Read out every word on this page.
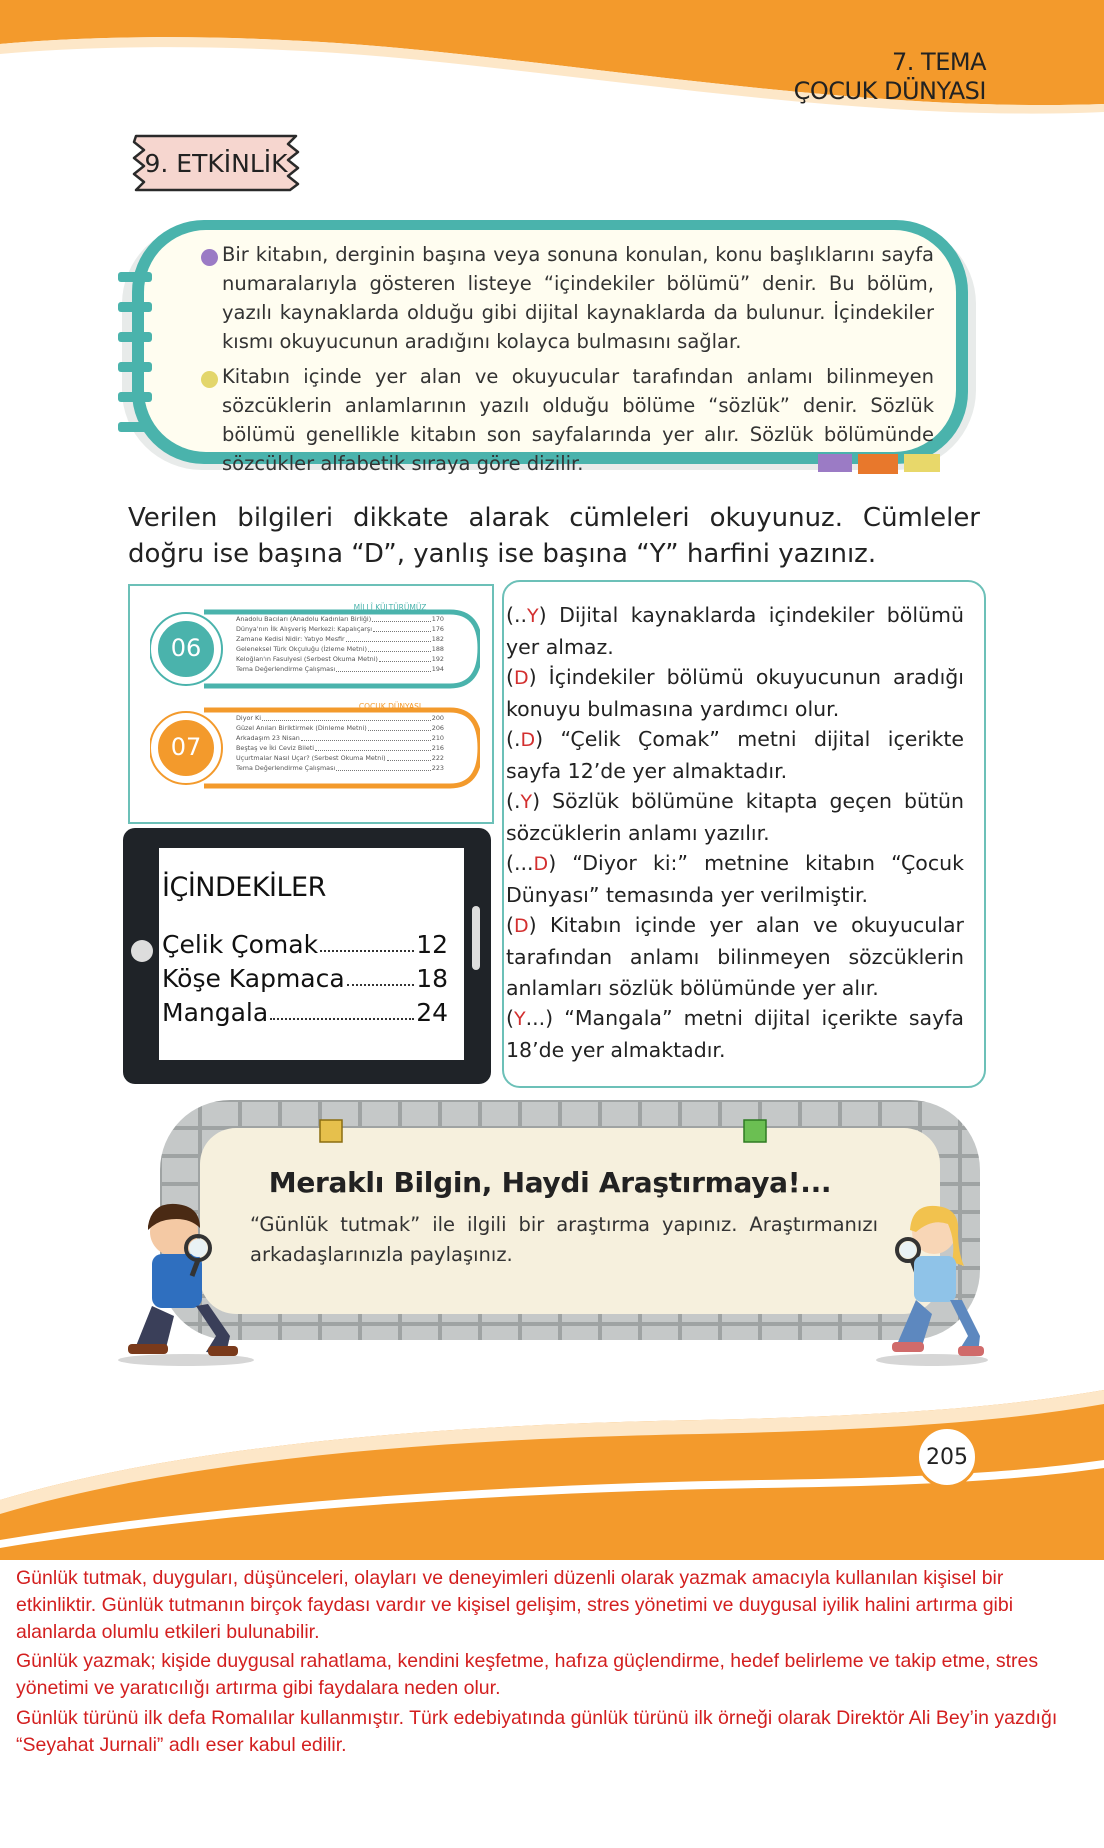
7. TEMA
ÇOCUK DÜNYASI
9. ETKİNLİK
Bir kitabın, derginin başına veya sonuna konulan, konu başlıklarını sayfa numaralarıyla gösteren listeye “içindekiler bölümü” denir. Bu bölüm, yazılı kaynaklarda olduğu gibi dijital kaynaklarda da bulunur. İçindekiler kısmı okuyucunun aradığını kolayca bulmasını sağlar.
Kitabın içinde yer alan ve okuyucular tarafından anlamı bilinmeyen sözcüklerin anlamlarının yazılı olduğu bölüme “sözlük” denir. Sözlük bölümü genellikle kitabın son sayfalarında yer alır. Sözlük bölümünde sözcükler alfabetik sıraya göre dizilir.
Verilen bilgileri dikkate alarak cümleleri okuyunuz. Cümleler doğru ise başına “D”, yanlış ise başına “Y” harfini yazınız.
06
07
MİLLÎ KÜLTÜRÜMÜZ
ÇOCUK DÜNYASI
Anadolu Bacıları (Anadolu Kadınları Birliği)	170
Dünya'nın İlk Alışveriş Merkezi: Kapalıçarşı	176
Zamane Kedisi Nidir: Yatıyo Mesfir	182
Geleneksel Türk Okçuluğu (İzleme Metni)	188
Keloğlan'ın Fasulyesi (Serbest Okuma Metni)	192
Tema Değerlendirme Çalışması	194
Diyor Ki	200
Güzel Anıları Biriktirmek (Dinleme Metni)	206
Arkadaşım 23 Nisan	210
Beştaş ve İki Ceviz Bileti	216
Uçurtmalar Nasıl Uçar? (Serbest Okuma Metni)	222
Tema Değerlendirme Çalışması	223
İÇİNDEKİLER
Çelik Çomak	12
Köşe Kapmaca	18
Mangala	24
(..Y) Dijital kaynaklarda içindekiler bölümü yer almaz.
(D) İçindekiler bölümü okuyucunun aradığı konuyu bulmasına yardımcı olur.
(.D) “Çelik Çomak” metni dijital içerikte sayfa 12’de yer almaktadır.
(.Y) Sözlük bölümüne kitapta geçen bütün sözcüklerin anlamı yazılır.
(...D) “Diyor ki:” metnine kitabın “Çocuk Dünyası” temasında yer verilmiştir.
(D) Kitabın içinde yer alan ve okuyucular tarafından anlamı bilinmeyen sözcüklerin anlamları sözlük bölümünde yer alır.
(Y...) “Mangala” metni dijital içerikte sayfa 18’de yer almaktadır.
Meraklı Bilgin, Haydi Araştırmaya!...
“Günlük tutmak” ile ilgili bir araştırma yapınız. Araştırmanızı arkadaşlarınızla paylaşınız.
205
Günlük tutmak, duyguları, düşünceleri, olayları ve deneyimleri düzenli olarak yazmak amacıyla kullanılan kişisel bir etkinliktir. Günlük tutmanın birçok faydası vardır ve kişisel gelişim, stres yönetimi ve duygusal iyilik halini artırma gibi alanlarda olumlu etkileri bulunabilir.
Günlük yazmak; kişide duygusal rahatlama, kendini keşfetme, hafıza güçlendirme, hedef belirleme ve takip etme, stres yönetimi ve yaratıcılığı artırma gibi faydalara neden olur.
Günlük türünü ilk defa Romalılar kullanmıştır. Türk edebiyatında günlük türünü ilk örneği olarak Direktör Ali Bey’in yazdığı “Seyahat Jurnali” adlı eser kabul edilir.
